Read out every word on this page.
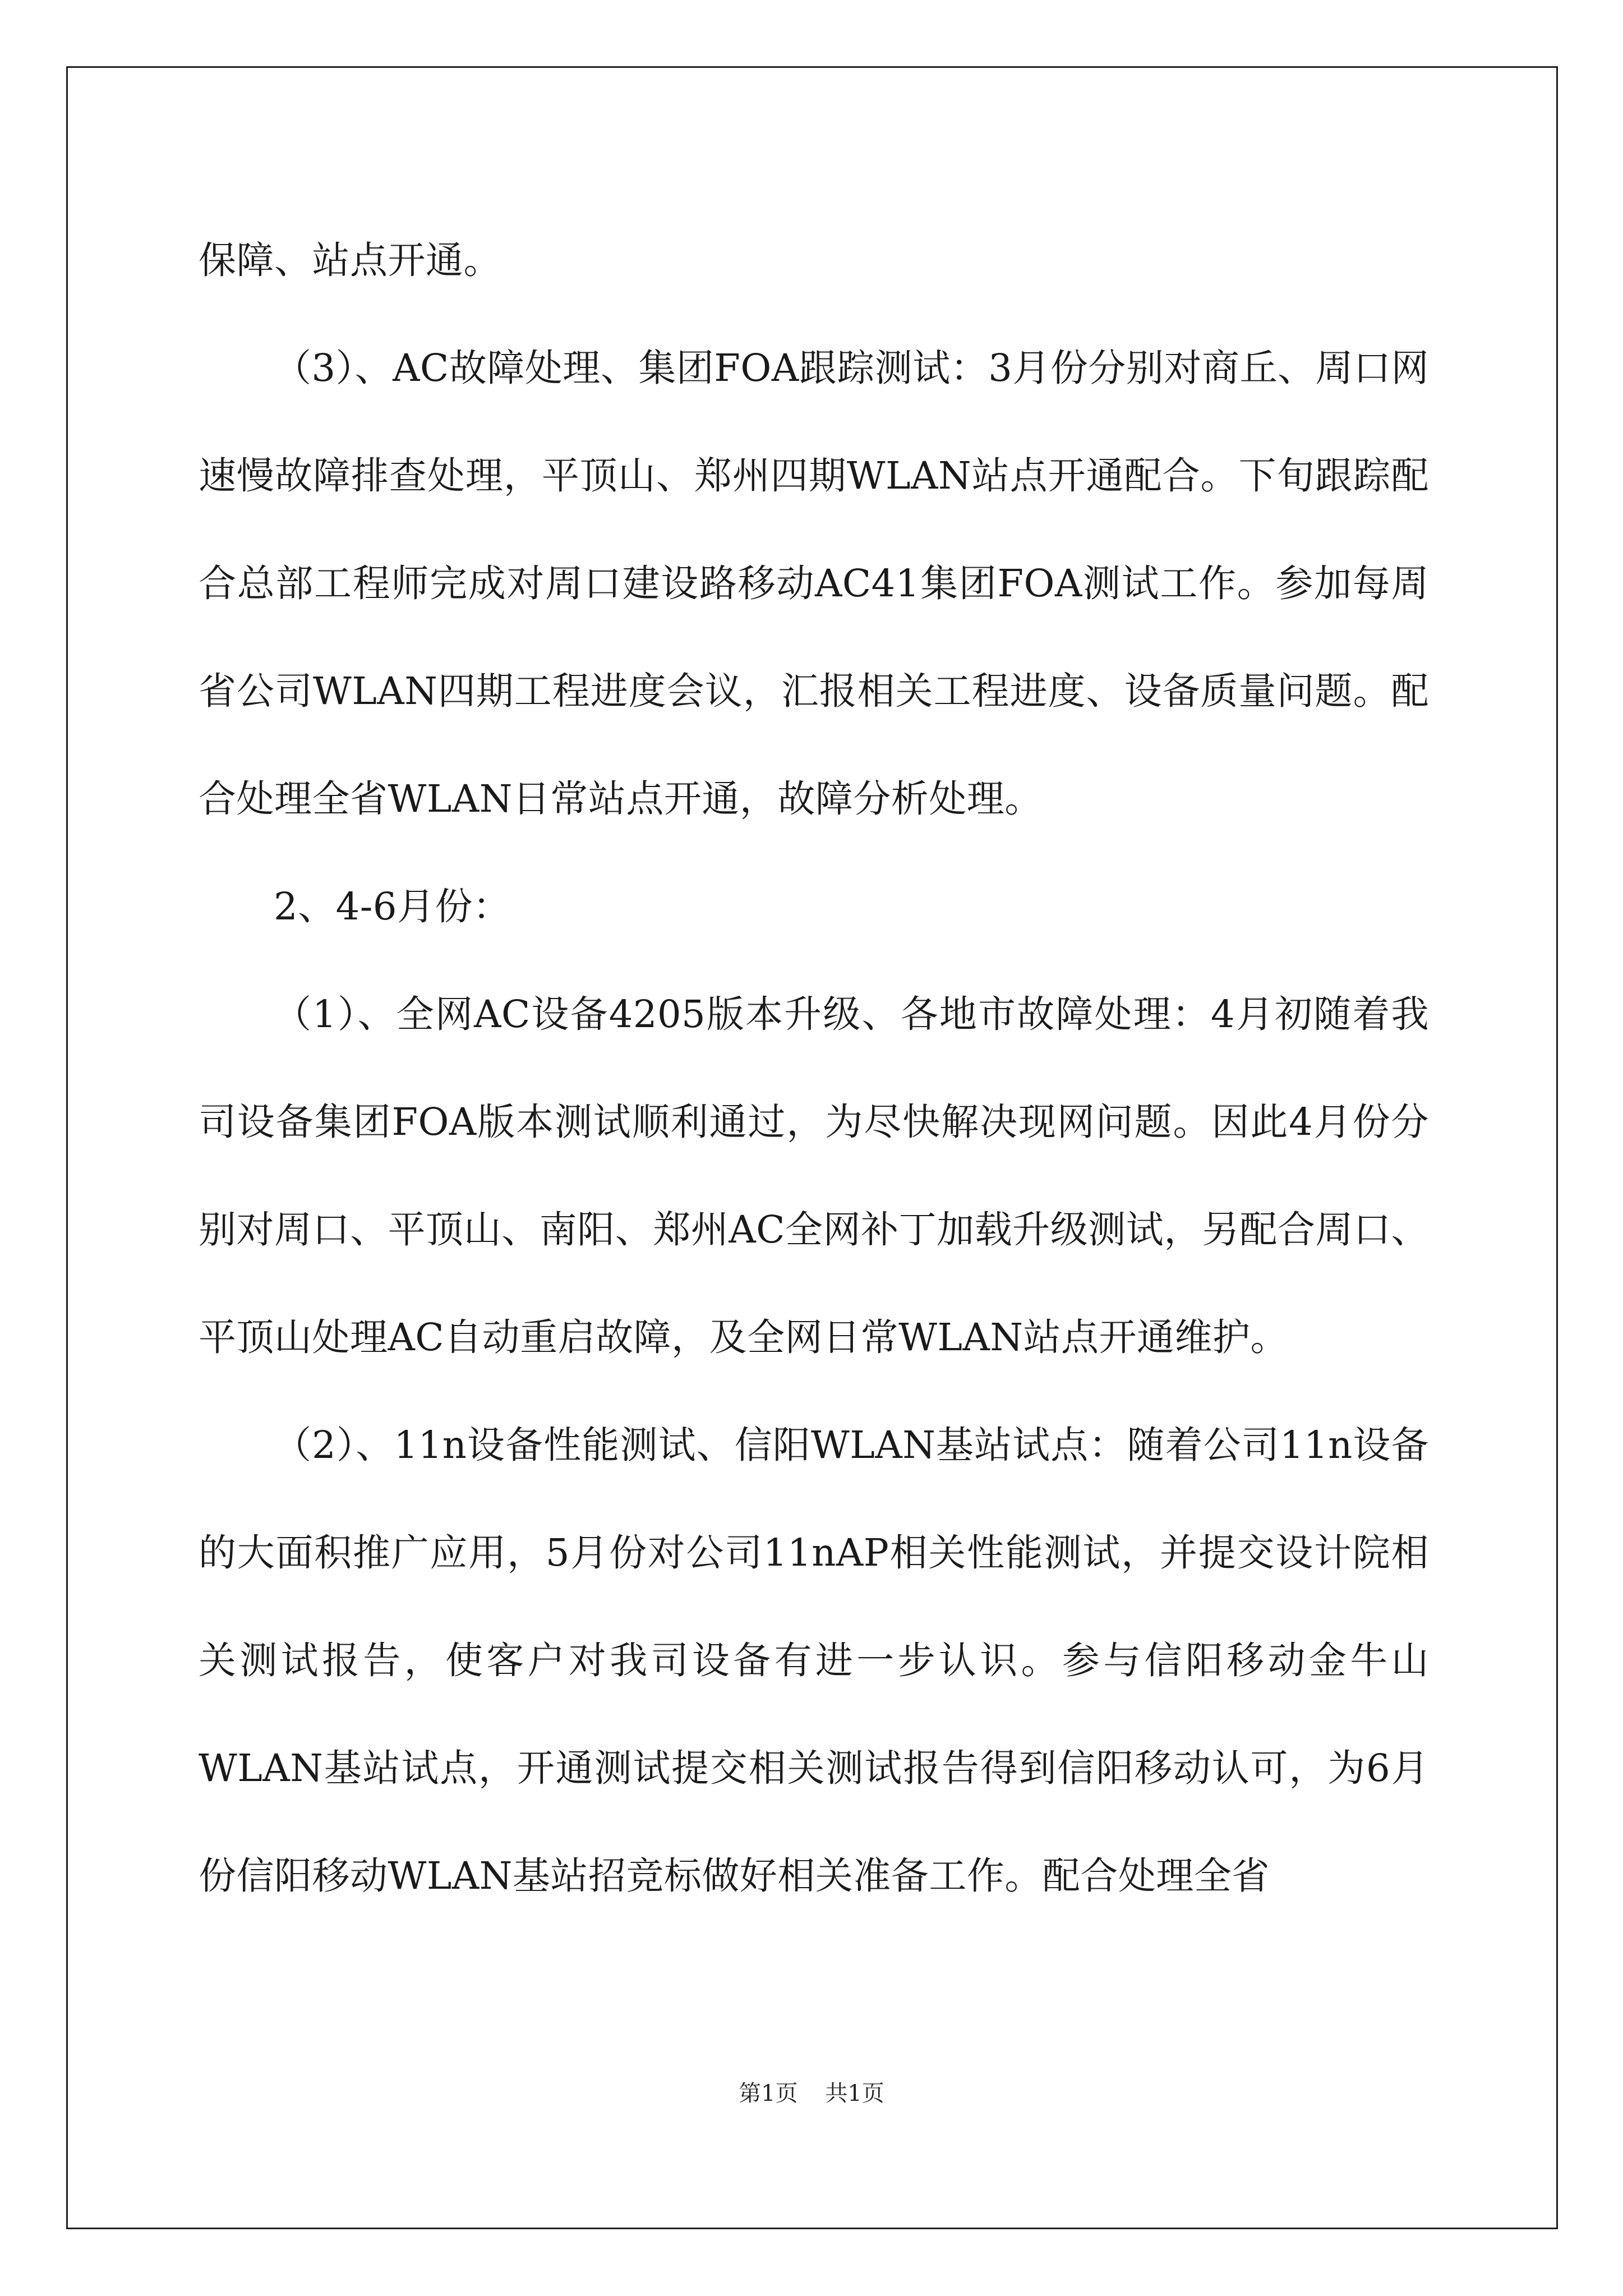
保障、站点开通。

（3）、AC故障处理、集团FOA跟踪测试：3月份分别对商丘、周口网速慢故障排查处理，平顶山、郑州四期WLAN站点开通配合。下旬跟踪配合总部工程师完成对周口建设路移动AC41集团FOA测试工作。参加每周省公司WLAN四期工程进度会议，汇报相关工程进度、设备质量问题。配合处理全省WLAN日常站点开通，故障分析处理。

2、4-6月份：

（1）、全网AC设备4205版本升级、各地市故障处理：4月初随着我司设备集团FOA版本测试顺利通过，为尽快解决现网问题。因此4月份分别对周口、平顶山、南阳、郑州AC全网补丁加载升级测试，另配合周口、平顶山处理AC自动重启故障，及全网日常WLAN站点开通维护。

（2）、11n设备性能测试、信阳WLAN基站试点：随着公司11n设备的大面积推广应用，5月份对公司11nAP相关性能测试，并提交设计院相关测试报告，使客户对我司设备有进一步认识。参与信阳移动金牛山WLAN基站试点，开通测试提交相关测试报告得到信阳移动认可，为6月份信阳移动WLAN基站招竞标做好相关准备工作。配合处理全省

第1页 共1页
